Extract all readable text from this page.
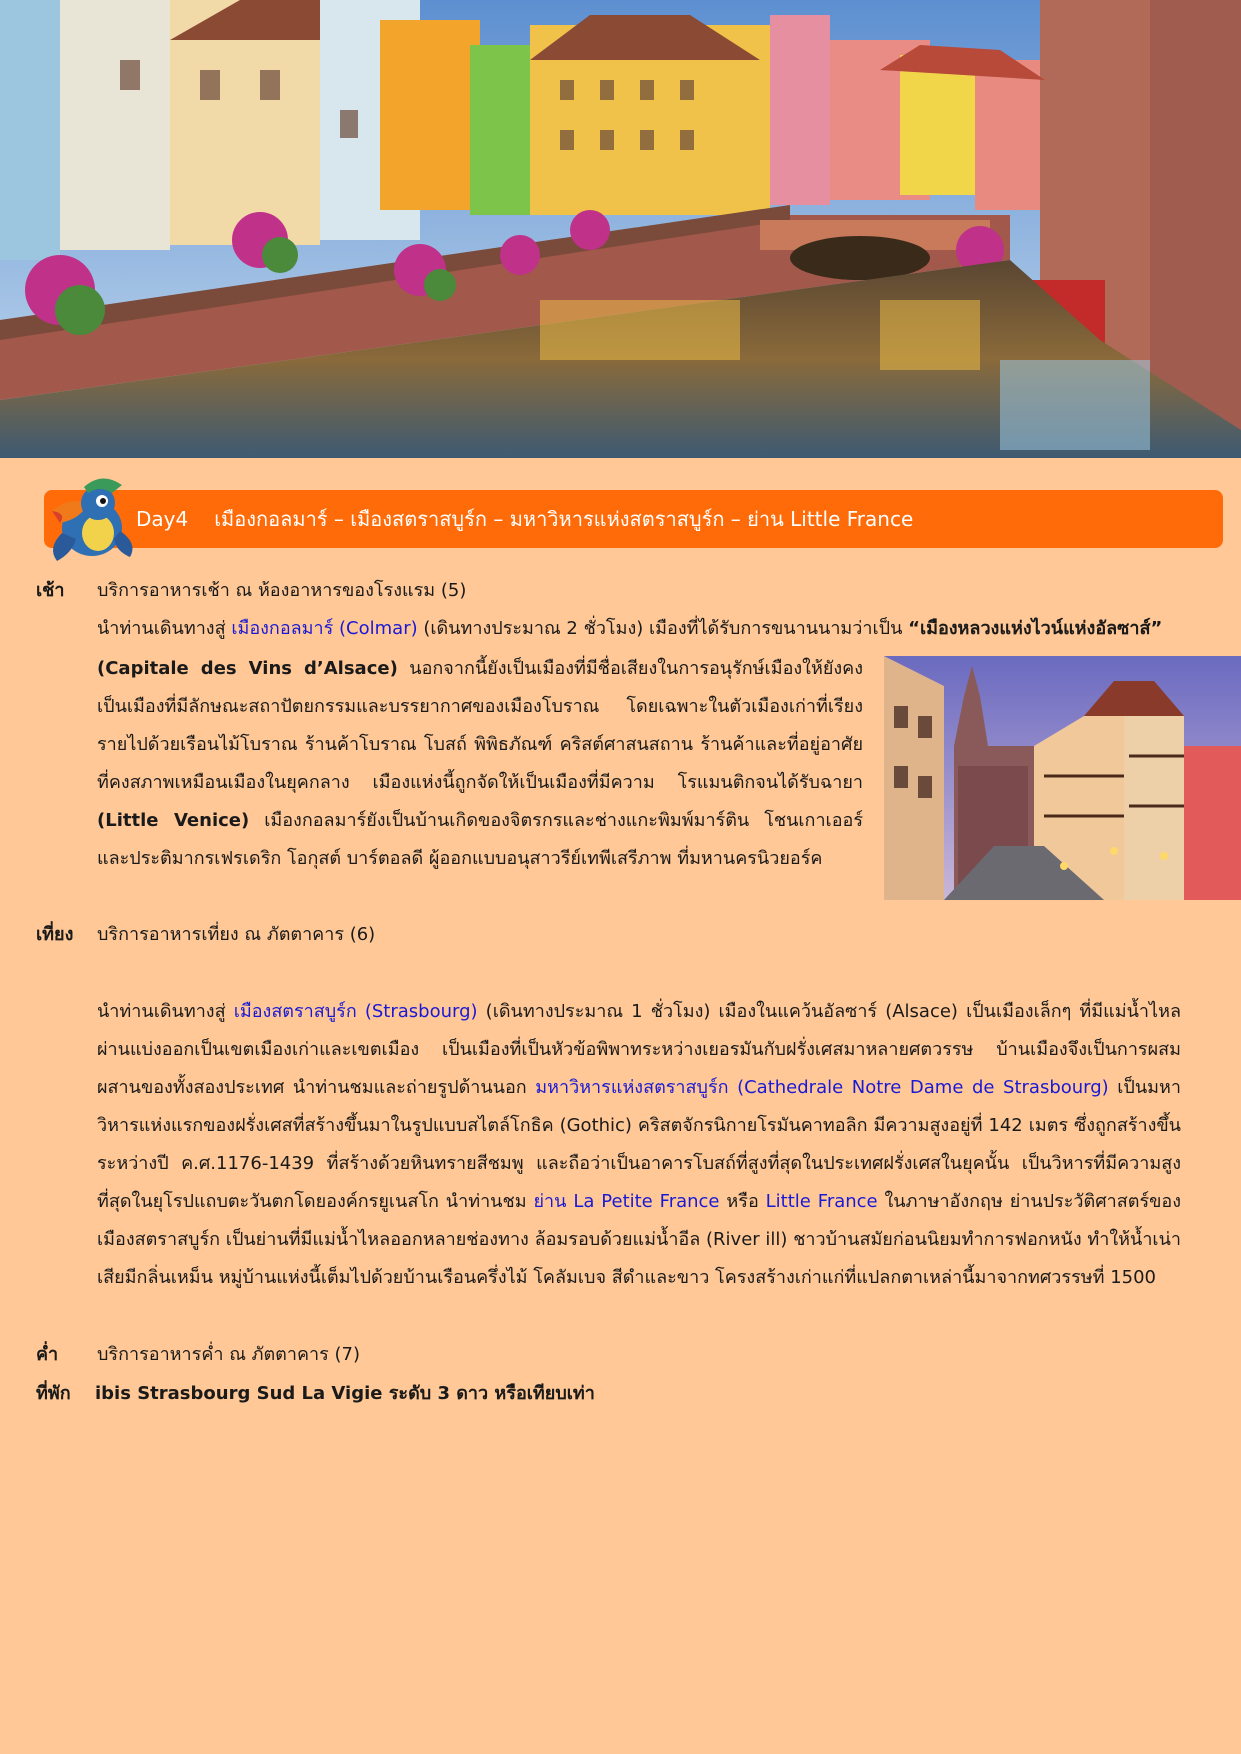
Day4 เมืองกอลมาร์ – เมืองสตราสบูร์ก – มหาวิหารแห่งสตราสบูร์ก – ย่าน Little France
เช้า บริการอาหารเช้า ณ ห้องอาหารของโรงแรม (5)
นำท่านเดินทางสู่ เมืองกอลมาร์ (Colmar) (เดินทางประมาณ 2 ชั่วโมง) เมืองที่ได้รับการขนานนามว่าเป็น “เมืองหลวงแห่งไวน์แห่งอัลซาส์”
(Capitale des Vins d’Alsace) นอกจากนี้ยังเป็นเมืองที่มีชื่อเสียงในการอนุรักษ์เมืองให้ยังคงเป็นเมืองที่มีลักษณะสถาปัตยกรรมและบรรยากาศของเมืองโบราณ โดยเฉพาะในตัวเมืองเก่าที่เรียงรายไปด้วยเรือนไม้โบราณ ร้านค้าโบราณ โบสถ์ พิพิธภัณฑ์ คริสต์ศาสนสถาน ร้านค้าและที่อยู่อาศัยที่คงสภาพเหมือนเมืองในยุคกลาง เมืองแห่งนี้ถูกจัดให้เป็นเมืองที่มีความ โรแมนติกจนได้รับฉายา (Little Venice) เมืองกอลมาร์ยังเป็นบ้านเกิดของจิตรกรและช่างแกะพิมพ์มาร์ติน โชนเกาเออร์ และประติมากรเฟรเดริก โอกุสต์ บาร์ตอลดี ผู้ออกแบบอนุสาวรีย์เทพีเสรีภาพ ที่มหานครนิวยอร์ค
เที่ยง บริการอาหารเที่ยง ณ ภัตตาคาร (6)
นำท่านเดินทางสู่ เมืองสตราสบูร์ก (Strasbourg) (เดินทางประมาณ 1 ชั่วโมง) เมืองในแคว้นอัลซาร์ (Alsace) เป็นเมืองเล็กๆ ที่มีแม่น้ำไหลผ่านแบ่งออกเป็นเขตเมืองเก่าและเขตเมือง เป็นเมืองที่เป็นหัวข้อพิพาทระหว่างเยอรมันกับฝรั่งเศสมาหลายศตวรรษ บ้านเมืองจึงเป็นการผสมผสานของทั้งสองประเทศ นำท่านชมและถ่ายรูปด้านนอก มหาวิหารแห่งสตราสบูร์ก (Cathedrale Notre Dame de Strasbourg) เป็นมหาวิหารแห่งแรกของฝรั่งเศสที่สร้างขึ้นมาในรูปแบบสไตล์โกธิค (Gothic) คริสตจักรนิกายโรมันคาทอลิก มีความสูงอยู่ที่ 142 เมตร ซึ่งถูกสร้างขึ้นระหว่างปี ค.ศ.1176-1439 ที่สร้างด้วยหินทรายสีชมพู และถือว่าเป็นอาคารโบสถ์ที่สูงที่สุดในประเทศฝรั่งเศสในยุคนั้น เป็นวิหารที่มีความสูงที่สุดในยุโรปแถบตะวันตกโดยองค์กรยูเนสโก นำท่านชม ย่าน La Petite France หรือ Little France ในภาษาอังกฤษ ย่านประวัติศาสตร์ของเมืองสตราสบูร์ก เป็นย่านที่มีแม่น้ำไหลออกหลายช่องทาง ล้อมรอบด้วยแม่น้ำอีล (River ill) ชาวบ้านสมัยก่อนนิยมทำการฟอกหนัง ทำให้น้ำเน่าเสียมีกลิ่นเหม็น หมู่บ้านแห่งนี้เต็มไปด้วยบ้านเรือนครึ่งไม้ โคลัมเบจ สีดำและขาว โครงสร้างเก่าแก่ที่แปลกตาเหล่านี้มาจากทศวรรษที่ 1500
ค่ำ บริการอาหารค่ำ ณ ภัตตาคาร (7)
ที่พัก ibis Strasbourg Sud La Vigie ระดับ 3 ดาว หรือเทียบเท่า
